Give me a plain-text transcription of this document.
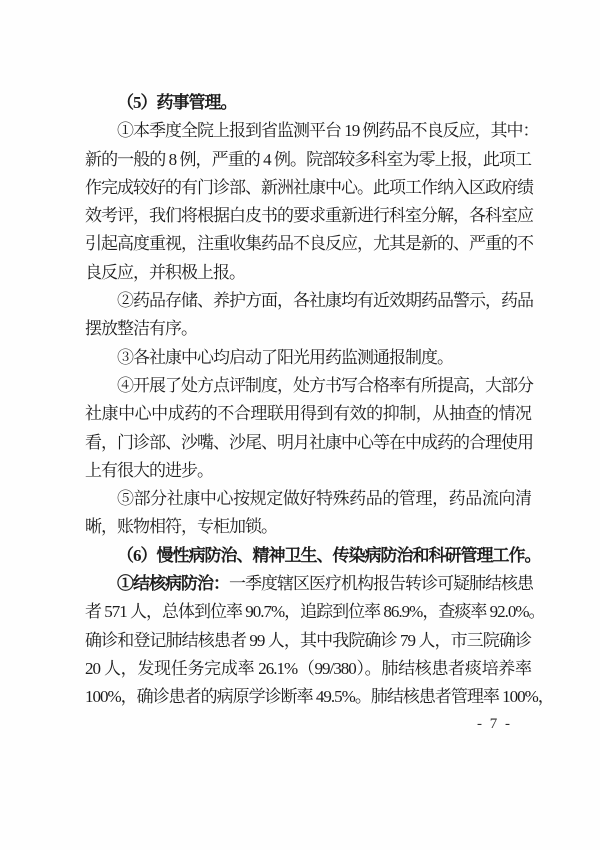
（5）药事管理。
①本季度全院上报到省监测平台 19 例药品不良反应，其中：
新的一般的 8 例，严重的 4 例。院部较多科室为零上报，此项工
作完成较好的有门诊部、新洲社康中心。此项工作纳入区政府绩
效考评，我们将根据白皮书的要求重新进行科室分解，各科室应
引起高度重视，注重收集药品不良反应，尤其是新的、严重的不
良反应，并积极上报。
②药品存储、养护方面，各社康均有近效期药品警示，药品
摆放整洁有序。
③各社康中心均启动了阳光用药监测通报制度。
④开展了处方点评制度，处方书写合格率有所提高，大部分
社康中心中成药的不合理联用得到有效的抑制，从抽查的情况
看，门诊部、沙嘴、沙尾、明月社康中心等在中成药的合理使用
上有很大的进步。
⑤部分社康中心按规定做好特殊药品的管理，药品流向清
晰，账物相符，专柜加锁。
（6）慢性病防治、精神卫生、传染病防治和科研管理工作。
①结核病防治：一季度辖区医疗机构报告转诊可疑肺结核患
者 571 人，总体到位率 90.7%，追踪到位率 86.9%，查痰率 92.0%。
确诊和登记肺结核患者 99 人，其中我院确诊 79 人，市三院确诊
20 人，发现任务完成率 26.1%（99/380）。肺结核患者痰培养率
100%，确诊患者的病原学诊断率 49.5%。肺结核患者管理率 100%，
- 7 -
